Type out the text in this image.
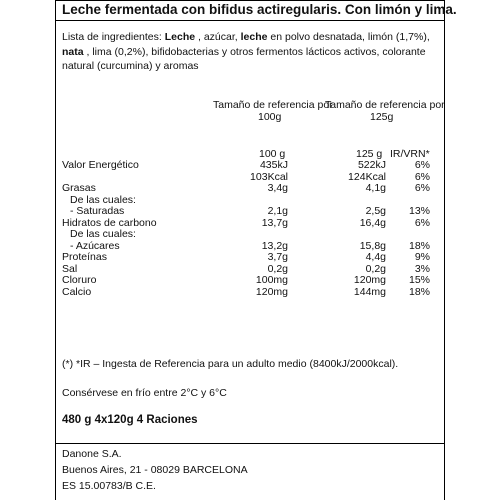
Leche fermentada con bifidus actiregularis. Con limón y lima.
Lista de ingredientes: Leche , azúcar, leche en polvo desnatada, limón (1,7%), nata , lima (0,2%), bifidobacterias y otros fermentos lácticos activos, colorante natural (curcumina) y aromas
Tamaño de referencia por
100g
Tamaño de referencia por
125g
100 g	125 g IR/VRN*
Valor Energético	435kJ	522kJ	6%
103Kcal	124Kcal	6%
Grasas	3,4g	4,1g	6%
De las cuales:
- Saturadas	2,1g	2,5g	13%
Hidratos de carbono	13,7g	16,4g	6%
De las cuales:
- Azúcares	13,2g	15,8g	18%
Proteínas	3,7g	4,4g	9%
Sal	0,2g	0,2g	3%
Cloruro	100mg	120mg	15%
Calcio	120mg	144mg	18%
(*) *IR – Ingesta de Referencia para un adulto medio (8400kJ/2000kcal).
Consérvese en frío entre 2°C y 6°C
480 g 4x120g 4 Raciones
Danone S.A.
Buenos Aires, 21 - 08029 BARCELONA
ES 15.00783/B C.E.
